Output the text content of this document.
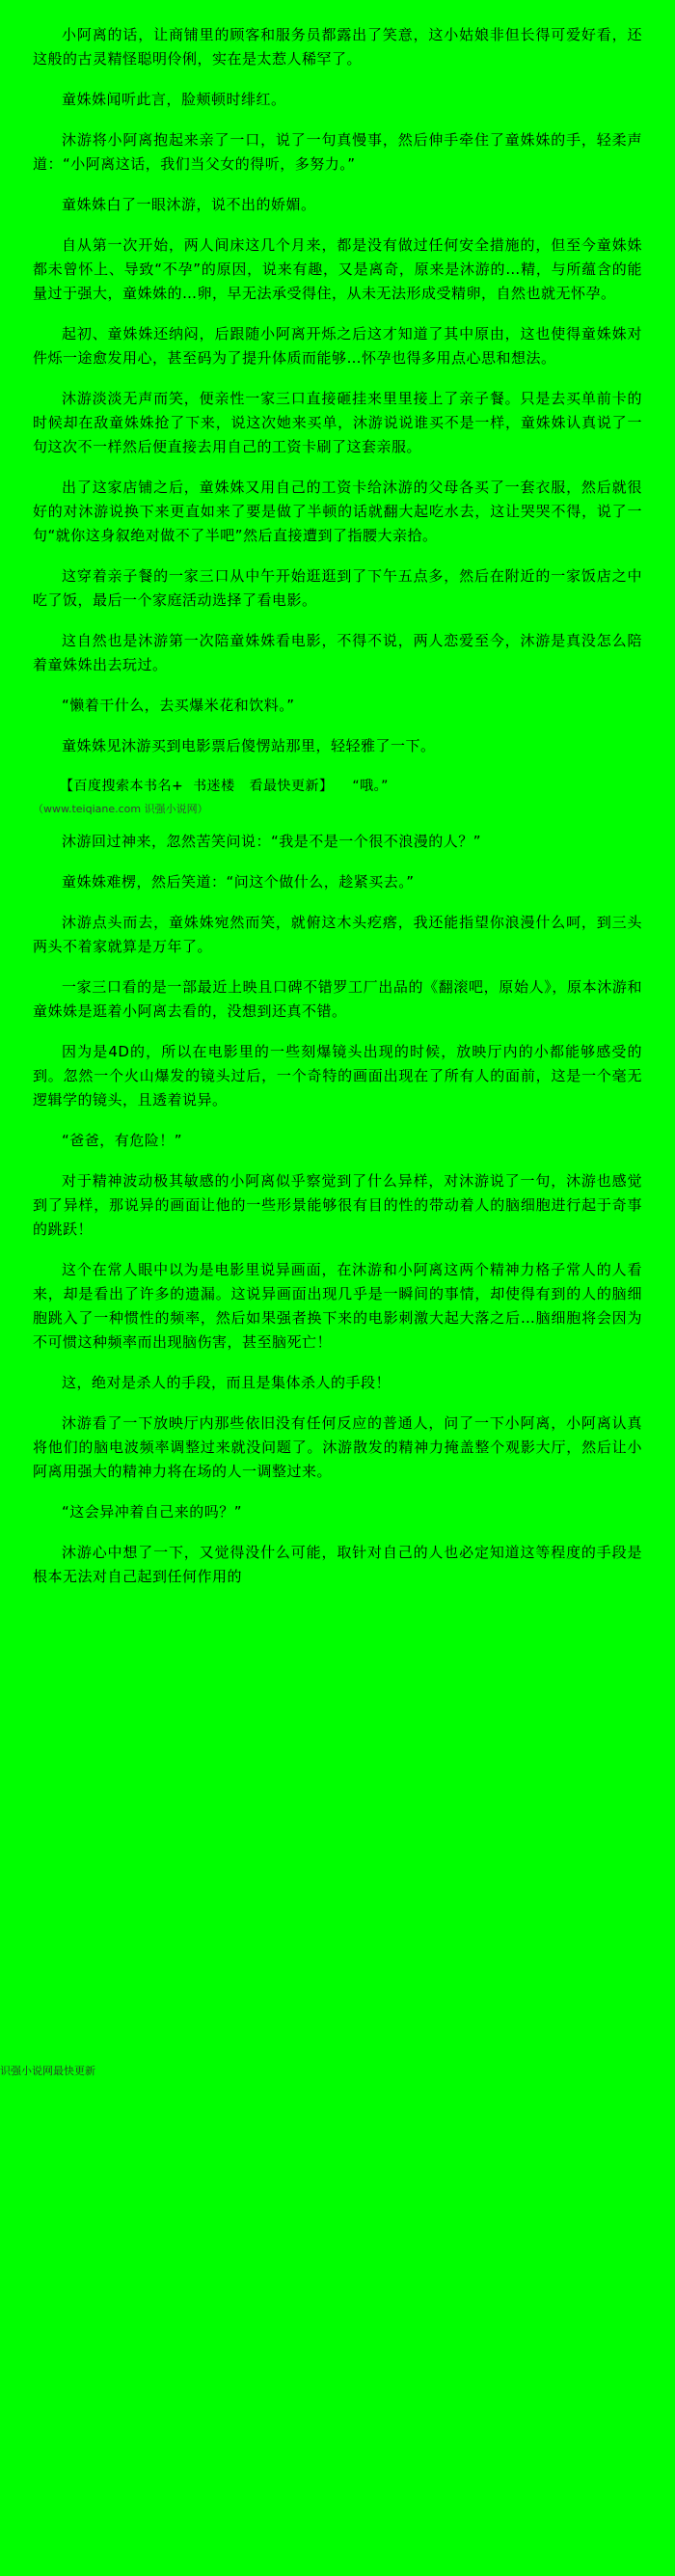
小阿离的话，让商铺里的顾客和服务员都露出了笑意，这小姑娘非但长得可爱好看，还这般的古灵精怪聪明伶俐，实在是太惹人稀罕了。

童姝姝闻听此言，脸颊顿时绯红。

沐游将小阿离抱起来亲了一口，说了一句真慢事，然后伸手牵住了童姝姝的手，轻柔声道：“小阿离这话，我们当父女的得听，多努力。”

童姝姝白了一眼沐游，说不出的娇媚。

自从第一次开始，两人间床这几个月来，都是没有做过任何安全措施的，但至今童姝姝都未曾怀上、导致“不孕”的原因，说来有趣，又是离奇，原来是沐游的…精，与所蕴含的能量过于强大，童姝姝的…卵，早无法承受得住，从未无法形成受精卵，自然也就无怀孕。

起初、童姝姝还纳闷，后跟随小阿离开烁之后这才知道了其中原由，这也使得童姝姝对件烁一途愈发用心，甚至码为了提升体质而能够…怀孕也得多用点心思和想法。

沐游淡淡无声而笑，便亲性一家三口直接砸挂来里里接上了亲子餐。只是去买单前卡的时候却在敌童姝姝抢了下来，说这次她来买单，沐游说说谁买不是一样，童姝姝认真说了一句这次不一样然后便直接去用自己的工资卡刷了这套亲服。

出了这家店铺之后，童姝姝又用自己的工资卡给沐游的父母各买了一套衣服，然后就很好的对沐游说换下来更直如来了要是做了半顿的话就翻大起吃水去，这让哭哭不得，说了一句“就你这身叙绝对做不了半吧”然后直接遭到了指腰大亲拾。

这穿着亲子餐的一家三口从中午开始逛逛到了下午五点多，然后在附近的一家饭店之中吃了饭，最后一个家庭活动选择了看电影。

这自然也是沐游第一次陪童姝姝看电影，不得不说，两人恋爱至今，沐游是真没怎么陪着童姝姝出去玩过。

“懒着干什么，去买爆米花和饮料。”

童姝姝见沐游买到电影票后傻愣站那里，轻轻雅了一下。

【百度搜索本书名+ 书迷楼 看最快更新】 “哦。”
（www.teiqiane.com 识强小说网）

沐游回过神来，忽然苦笑问说：“我是不是一个很不浪漫的人？”

童姝姝难楞，然后笑道：“问这个做什么，趁紧买去。”

沐游点头而去，童姝姝宛然而笑，就俯这木头疙瘩，我还能指望你浪漫什么呵，到三头两头不着家就算是万年了。

一家三口看的是一部最近上映且口碑不错罗工厂出品的《翻滚吧，原始人》，原本沐游和童姝姝是逛着小阿离去看的，没想到还真不错。

因为是4D的，所以在电影里的一些刻爆镜头出现的时候，放映厅内的小都能够感受的到。忽然一个火山爆发的镜头过后，一个奇特的画面出现在了所有人的面前，这是一个毫无逻辑学的镜头，且透着说异。

“爸爸，有危险！”

对于精神波动极其敏感的小阿离似乎察觉到了什么异样，对沐游说了一句，沐游也感觉到了异样，那说异的画面让他的一些形景能够很有目的性的带动着人的脑细胞进行起于奇事的跳跃！

这个在常人眼中以为是电影里说异画面，在沐游和小阿离这两个精神力格子常人的人看来，却是看出了许多的遗漏。这说异画面出现几乎是一瞬间的事情，却使得有到的人的脑细胞跳入了一种惯性的频率，然后如果强者换下来的电影刺激大起大落之后…脑细胞将会因为不可惯这种频率而出现脑伤害，甚至脑死亡！

这，绝对是杀人的手段，而且是集体杀人的手段！

沐游看了一下放映厅内那些依旧没有任何反应的普通人，问了一下小阿离，小阿离认真将他们的脑电波频率调整过来就没问题了。沐游散发的精神力掩盖整个观影大厅，然后让小阿离用强大的精神力将在场的人一调整过来。

“这会异冲着自己来的吗？”

沐游心中想了一下，又觉得没什么可能，取针对自己的人也必定知道这等程度的手段是根本无法对自己起到任何作用的

识强小说网最快更新
